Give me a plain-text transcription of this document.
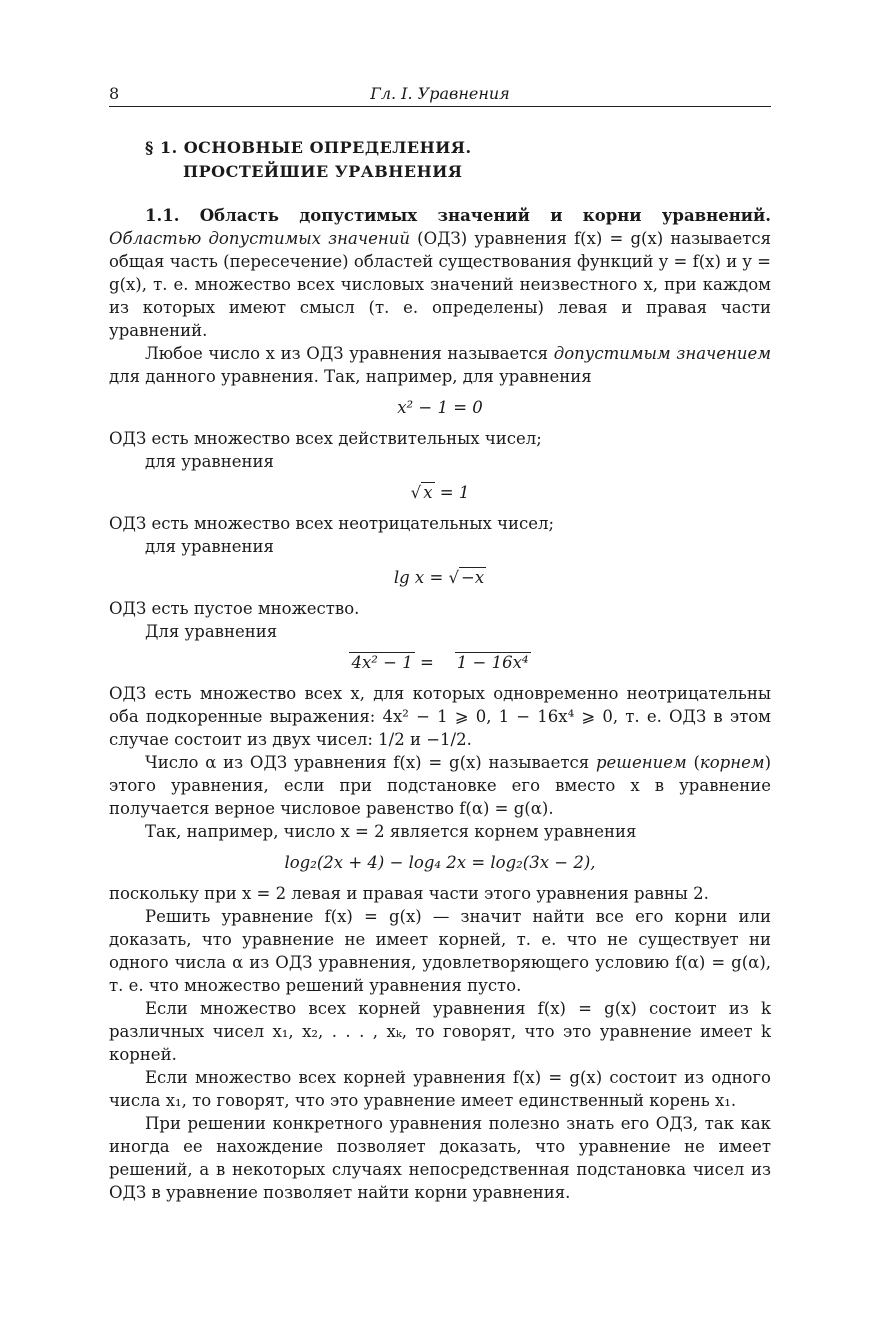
8	Гл. I. Уравнения
§ 1. ОСНОВНЫЕ ОПРЕДЕЛЕНИЯ.
ПРОСТЕЙШИЕ УРАВНЕНИЯ

1.1. Область допустимых значений и корни уравнений. Областью допустимых значений (ОДЗ) уравнения f(x) = g(x) называется общая часть (пересечение) областей существования функций y = f(x) и y = g(x), т. е. множество всех числовых значений неизвестного x, при каждом из которых имеют смысл (т. е. определены) левая и правая части уравнений.

Любое число x из ОДЗ уравнения называется допустимым значением для данного уравнения. Так, например, для уравнения

x² − 1 = 0

ОДЗ есть множество всех действительных чисел;

для уравнения

√ x = 1

ОДЗ есть множество всех неотрицательных чисел;

для уравнения

lg x = √ −x

ОДЗ есть пустое множество.

Для уравнения

4x² − 1 =    1 − 16x⁴

ОДЗ есть множество всех x, для которых одновременно неотрицательны оба подкоренные выражения: 4x² − 1 ⩾ 0, 1 − 16x⁴ ⩾ 0, т. е. ОДЗ в этом случае состоит из двух чисел: 1/2 и −1/2.

Число α из ОДЗ уравнения f(x) = g(x) называется решением (корнем) этого уравнения, если при подстановке его вместо x в уравнение получается верное числовое равенство f(α) = g(α).

Так, например, число x = 2 является корнем уравнения

log₂(2x + 4) − log₄ 2x = log₂(3x − 2),

поскольку при x = 2 левая и правая части этого уравнения равны 2.

Решить уравнение f(x) = g(x) — значит найти все его корни или доказать, что уравнение не имеет корней, т. е. что не существует ни одного числа α из ОДЗ уравнения, удовлетворяющего условию f(α) = g(α), т. е. что множество решений уравнения пусто.

Если множество всех корней уравнения f(x) = g(x) состоит из k различных чисел x₁, x₂, . . . , xₖ, то говорят, что это уравнение имеет k корней.

Если множество всех корней уравнения f(x) = g(x) состоит из одного числа x₁, то говорят, что это уравнение имеет единственный корень x₁.

При решении конкретного уравнения полезно знать его ОДЗ, так как иногда ее нахождение позволяет доказать, что уравнение не имеет решений, а в некоторых случаях непосредственная подстановка чисел из ОДЗ в уравнение позволяет найти корни уравнения.
